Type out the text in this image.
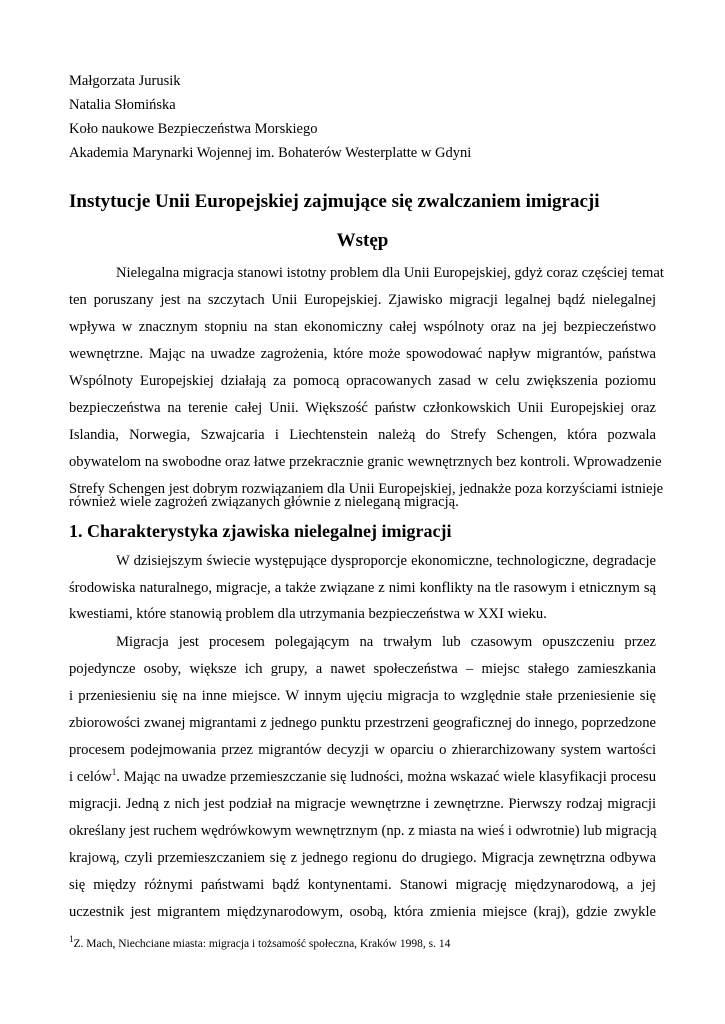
Małgorzata Jurusik
Natalia Słomińska
Koło naukowe Bezpieczeństwa Morskiego
Akademia Marynarki Wojennej im. Bohaterów Westerplatte w Gdyni
Instytucje Unii Europejskiej zajmujące się zwalczaniem imigracji
Wstęp
Nielegalna migracja stanowi istotny problem dla Unii Europejskiej, gdyż coraz częściej temat
ten poruszany jest na szczytach Unii Europejskiej. Zjawisko migracji legalnej bądź nielegalnej
wpływa w znacznym stopniu na stan ekonomiczny całej wspólnoty oraz na jej bezpieczeństwo
wewnętrzne. Mając na uwadze zagrożenia, które może spowodować napływ migrantów, państwa
Wspólnoty Europejskiej działają za pomocą opracowanych zasad w celu zwiększenia poziomu
bezpieczeństwa na terenie całej Unii. Większość państw członkowskich Unii Europejskiej oraz
Islandia, Norwegia, Szwajcaria i Liechtenstein należą do Strefy Schengen, która pozwala
obywatelom na swobodne oraz łatwe przekracznie granic wewnętrznych bez kontroli. Wprowadzenie
Strefy Schengen jest dobrym rozwiązaniem dla Unii Europejskiej, jednakże poza korzyściami istnieje
również wiele zagrożeń związanych głównie z nieleganą migracją.
1. Charakterystyka zjawiska nielegalnej imigracji
W dzisiejszym świecie występujące dysproporcje ekonomiczne, technologiczne, degradacje
środowiska naturalnego, migracje, a także związane z nimi konflikty na tle rasowym i etnicznym są
kwestiami, które stanowią problem dla utrzymania bezpieczeństwa w XXI wieku.
Migracja jest procesem polegającym na trwałym lub czasowym opuszczeniu przez
pojedyncze osoby, większe ich grupy, a nawet społeczeństwa – miejsc stałego zamieszkania
i przeniesieniu się na inne miejsce. W innym ujęciu migracja to względnie stałe przeniesienie się
zbiorowości zwanej migrantami z jednego punktu przestrzeni geograficznej do innego, poprzedzone
procesem podejmowania przez migrantów decyzji w oparciu o zhierarchizowany system wartości
i celów$^1$. Mając na uwadze przemieszczanie się ludności, można wskazać wiele klasyfikacji procesu
migracji. Jedną z nich jest podział na migracje wewnętrzne i zewnętrzne. Pierwszy rodzaj migracji
określany jest ruchem wędrówkowym wewnętrznym (np. z miasta na wieś i odwrotnie) lub migracją
krajową, czyli przemieszczaniem się z jednego regionu do drugiego. Migracja zewnętrzna odbywa
się między różnymi państwami bądź kontynentami. Stanowi migrację międzynarodową, a jej
uczestnik jest migrantem międzynarodowym, osobą, która zmienia miejsce (kraj), gdzie zwykle
$^1$Z. Mach, Niechciane miasta: migracja i tożsamość społeczna, Kraków 1998, s. 14
